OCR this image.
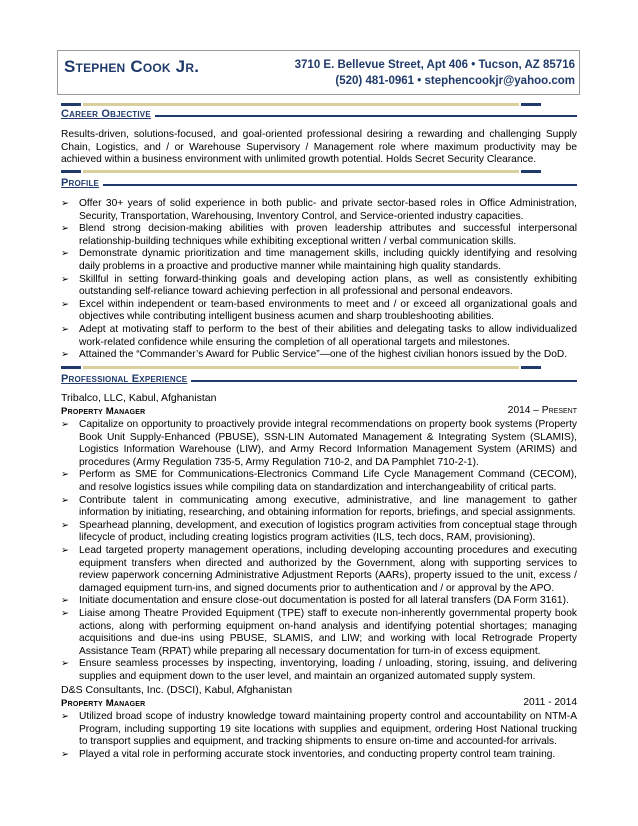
Stephen Cook Jr.	3710 E. Bellevue Street, Apt 406 • Tucson, AZ 85716
(520) 481-0961 • stephencookjr@yahoo.com
Career Objective
Results-driven, solutions-focused, and goal-oriented professional desiring a rewarding and challenging Supply Chain, Logistics, and / or Warehouse Supervisory / Management role where maximum productivity may be achieved within a business environment with unlimited growth potential. Holds Secret Security Clearance.
Profile
➢ Offer 30+ years of solid experience in both public- and private sector-based roles in Office Administration, Security, Transportation, Warehousing, Inventory Control, and Service-oriented industry capacities.
➢ Blend strong decision-making abilities with proven leadership attributes and successful interpersonal relationship-building techniques while exhibiting exceptional written / verbal communication skills.
➢ Demonstrate dynamic prioritization and time management skills, including quickly identifying and resolving daily problems in a proactive and productive manner while maintaining high quality standards.
➢ Skillful in setting forward-thinking goals and developing action plans, as well as consistently exhibiting outstanding self-reliance toward achieving perfection in all professional and personal endeavors.
➢ Excel within independent or team-based environments to meet and / or exceed all organizational goals and objectives while contributing intelligent business acumen and sharp troubleshooting abilities.
➢ Adept at motivating staff to perform to the best of their abilities and delegating tasks to allow individualized work-related confidence while ensuring the completion of all operational targets and milestones.
➢ Attained the “Commander’s Award for Public Service”—one of the highest civilian honors issued by the DoD.
Professional Experience
Tribalco, LLC, Kabul, Afghanistan
Property Manager	2014 – Present
➢ Capitalize on opportunity to proactively provide integral recommendations on property book systems (Property Book Unit Supply-Enhanced (PBUSE), SSN-LIN Automated Management & Integrating System (SLAMIS), Logistics Information Warehouse (LIW), and Army Record Information Management System (ARIMS) and procedures (Army Regulation 735-5, Army Regulation 710-2, and DA Pamphlet 710-2-1).
➢ Perform as SME for Communications-Electronics Command Life Cycle Management Command (CECOM), and resolve logistics issues while compiling data on standardization and interchangeability of critical parts.
➢ Contribute talent in communicating among executive, administrative, and line management to gather information by initiating, researching, and obtaining information for reports, briefings, and special assignments.
➢ Spearhead planning, development, and execution of logistics program activities from conceptual stage through lifecycle of product, including creating logistics program activities (ILS, tech docs, RAM, provisioning).
➢ Lead targeted property management operations, including developing accounting procedures and executing equipment transfers when directed and authorized by the Government, along with supporting services to review paperwork concerning Administrative Adjustment Reports (AARs), property issued to the unit, excess / damaged equipment turn-ins, and signed documents prior to authentication and / or approval by the APO.
➢ Initiate documentation and ensure close-out documentation is posted for all lateral transfers (DA Form 3161).
➢ Liaise among Theatre Provided Equipment (TPE) staff to execute non-inherently governmental property book actions, along with performing equipment on-hand analysis and identifying potential shortages; managing acquisitions and due-ins using PBUSE, SLAMIS, and LIW; and working with local Retrograde Property Assistance Team (RPAT) while preparing all necessary documentation for turn-in of excess equipment.
➢ Ensure seamless processes by inspecting, inventorying, loading / unloading, storing, issuing, and delivering supplies and equipment down to the user level, and maintain an organized automated supply system.
D&S Consultants, Inc. (DSCI), Kabul, Afghanistan
Property Manager	2011 - 2014
➢ Utilized broad scope of industry knowledge toward maintaining property control and accountability on NTM-A Program, including supporting 19 site locations with supplies and equipment, ordering Host National trucking to transport supplies and equipment, and tracking shipments to ensure on-time and accounted-for arrivals.
➢ Played a vital role in performing accurate stock inventories, and conducting property control team training.
